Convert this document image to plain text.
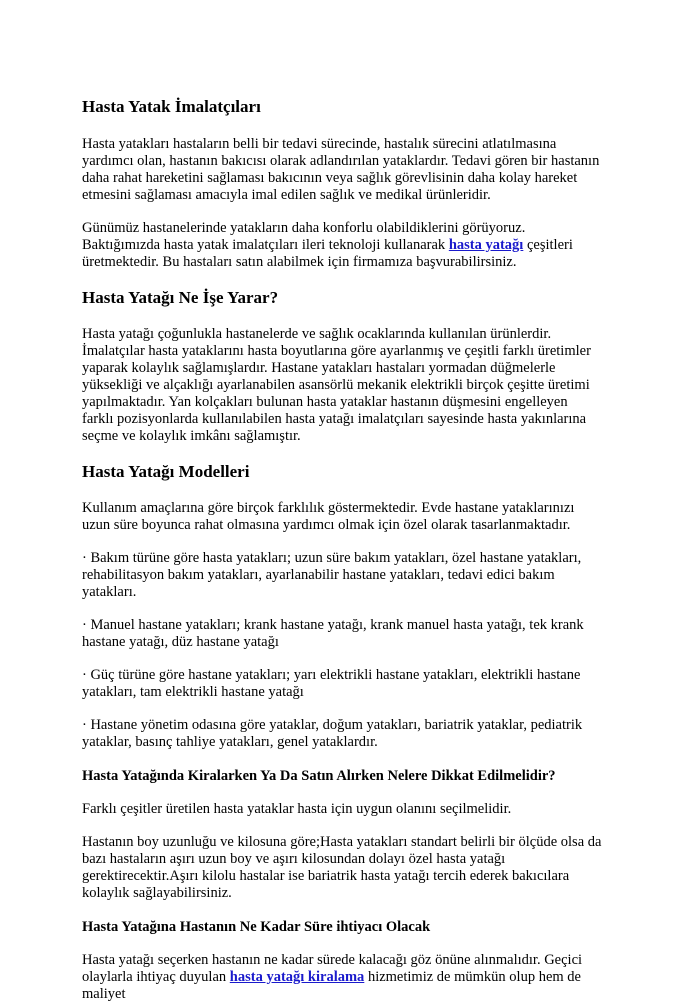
Hasta Yatak İmalatçıları

Hasta yatakları hastaların belli bir tedavi sürecinde, hastalık sürecini atlatılmasına yardımcı olan, hastanın bakıcısı olarak adlandırılan yataklardır. Tedavi gören bir hastanın daha rahat hareketini sağlaması bakıcının veya sağlık görevlisinin daha kolay hareket etmesini sağlaması amacıyla imal edilen sağlık ve medikal ürünleridir.

Günümüz hastanelerinde yatakların daha konforlu olabildiklerini görüyoruz. Baktığımızda hasta yatak imalatçıları ileri teknoloji kullanarak hasta yatağı çeşitleri üretmektedir. Bu hastaları satın alabilmek için firmamıza başvurabilirsiniz.

Hasta Yatağı Ne İşe Yarar?

Hasta yatağı çoğunlukla hastanelerde ve sağlık ocaklarında kullanılan ürünlerdir. İmalatçılar hasta yataklarını hasta boyutlarına göre ayarlanmış ve çeşitli farklı üretimler yaparak kolaylık sağlamışlardır. Hastane yatakları hastaları yormadan düğmelerle yüksekliği ve alçaklığı ayarlanabilen asansörlü mekanik elektrikli birçok çeşitte üretimi yapılmaktadır. Yan kolçakları bulunan hasta yataklar hastanın düşmesini engelleyen farklı pozisyonlarda kullanılabilen hasta yatağı imalatçıları sayesinde hasta yakınlarına seçme ve kolaylık imkânı sağlamıştır.

Hasta Yatağı Modelleri

Kullanım amaçlarına göre birçok farklılık göstermektedir. Evde hastane yataklarınızı uzun süre boyunca rahat olmasına yardımcı olmak için özel olarak tasarlanmaktadır.

· Bakım türüne göre hasta yatakları; uzun süre bakım yatakları, özel hastane yatakları, rehabilitasyon bakım yatakları, ayarlanabilir hastane yatakları, tedavi edici bakım yatakları.

· Manuel hastane yatakları; krank hastane yatağı, krank manuel hasta yatağı, tek krank hastane yatağı, düz hastane yatağı

· Güç türüne göre hastane yatakları; yarı elektrikli hastane yatakları, elektrikli hastane yatakları, tam elektrikli hastane yatağı

· Hastane yönetim odasına göre yataklar, doğum yatakları, bariatrik yataklar, pediatrik yataklar, basınç tahliye yatakları, genel yataklardır.

Hasta Yatağında Kiralarken Ya Da Satın Alırken Nelere Dikkat Edilmelidir?

Farklı çeşitler üretilen hasta yataklar hasta için uygun olanını seçilmelidir.

Hastanın boy uzunluğu ve kilosuna göre;Hasta yatakları standart belirli bir ölçüde olsa da bazı hastaların aşırı uzun boy ve aşırı kilosundan dolayı özel hasta yatağı gerektirecektir.Aşırı kilolu hastalar ise bariatrik hasta yatağı tercih ederek bakıcılara kolaylık sağlayabilirsiniz.

Hasta Yatağına Hastanın Ne Kadar Süre ihtiyacı Olacak

Hasta yatağı seçerken hastanın ne kadar sürede kalacağı göz önüne alınmalıdır. Geçici olaylarla ihtiyaç duyulan hasta yatağı kiralama hizmetimiz de mümkün olup hem de maliyet
